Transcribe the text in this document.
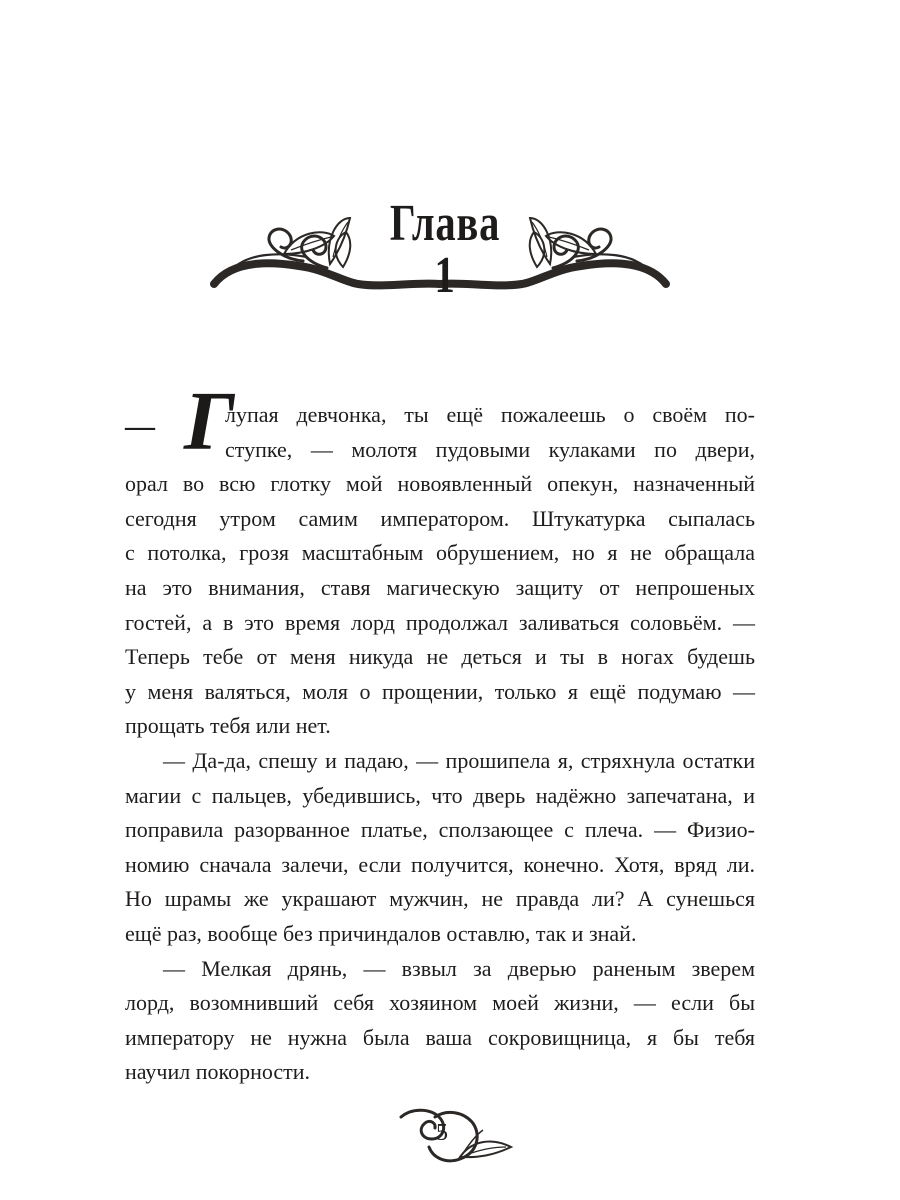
Глава 1
— Г
лупая девчонка, ты ещё пожалеешь о своём по-
ступке, — молотя пудовыми кулаками по двери,
орал во всю глотку мой новоявленный опекун, назначенный
сегодня утром самим императором. Штукатурка сыпалась
с потолка, грозя масштабным обрушением, но я не обращала
на это внимания, ставя магическую защиту от непрошеных
гостей, а в это время лорд продолжал заливаться соловьём. —
Теперь тебе от меня никуда не деться и ты в ногах будешь
у меня валяться, моля о прощении, только я ещё подумаю —
прощать тебя или нет.
— Да-да, спешу и падаю, — прошипела я, стряхнула остатки
магии с пальцев, убедившись, что дверь надёжно запечатана, и
поправила разорванное платье, сползающее с плеча. — Физио-
номию сначала залечи, если получится, конечно. Хотя, вряд ли.
Но шрамы же украшают мужчин, не правда ли? А сунешься
ещё раз, вообще без причиндалов оставлю, так и знай.
— Мелкая дрянь, — взвыл за дверью раненым зверем
лорд, возомнивший себя хозяином моей жизни, — если бы
императору не нужна была ваша сокровищница, я бы тебя
научил покорности.
5
